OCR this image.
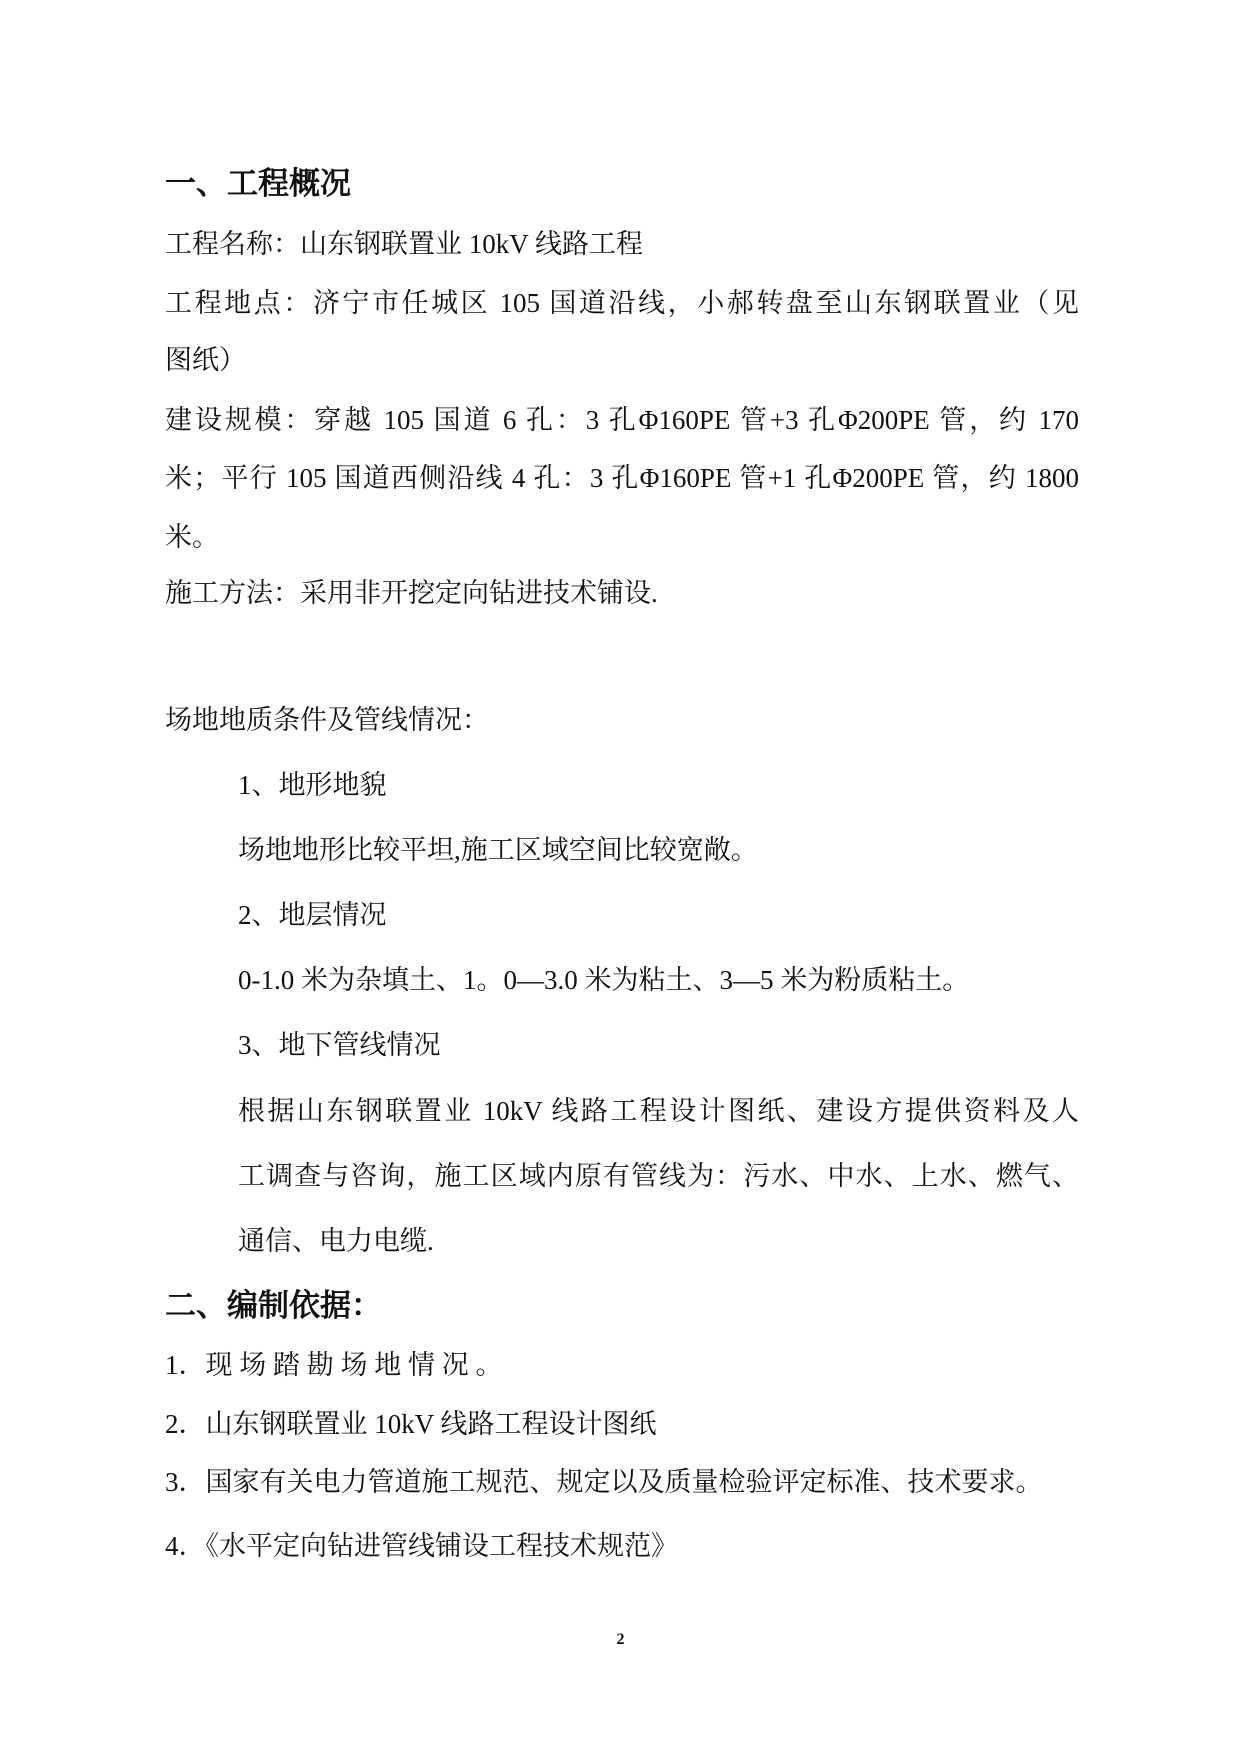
一、工程概况
工程名称：山东钢联置业 10kV 线路工程
工程地点：济宁市任城区 105 国道沿线，小郝转盘至山东钢联置业（见
图纸）
建设规模：穿越 105 国道 6 孔：3 孔Φ160PE 管+3 孔Φ200PE 管，约 170
米；平行 105 国道西侧沿线 4 孔：3 孔Φ160PE 管+1 孔Φ200PE 管，约 1800
米。
施工方法：采用非开挖定向钻进技术铺设.
场地地质条件及管线情况：
1、地形地貌
场地地形比较平坦,施工区域空间比较宽敞。
2、地层情况
0-1.0 米为杂填土、1。0—3.0 米为粘土、3—5 米为粉质粘土。
3、地下管线情况
根据山东钢联置业 10kV 线路工程设计图纸、建设方提供资料及人
工调查与咨询，施工区域内原有管线为：污水、中水、上水、燃气、
通信、电力电缆.
二、编制依据：
1．现 场 踏 勘 场 地 情 况 。
2．山东钢联置业 10kV 线路工程设计图纸
3．国家有关电力管道施工规范、规定以及质量检验评定标准、技术要求。
4．《水平定向钻进管线铺设工程技术规范》
2
